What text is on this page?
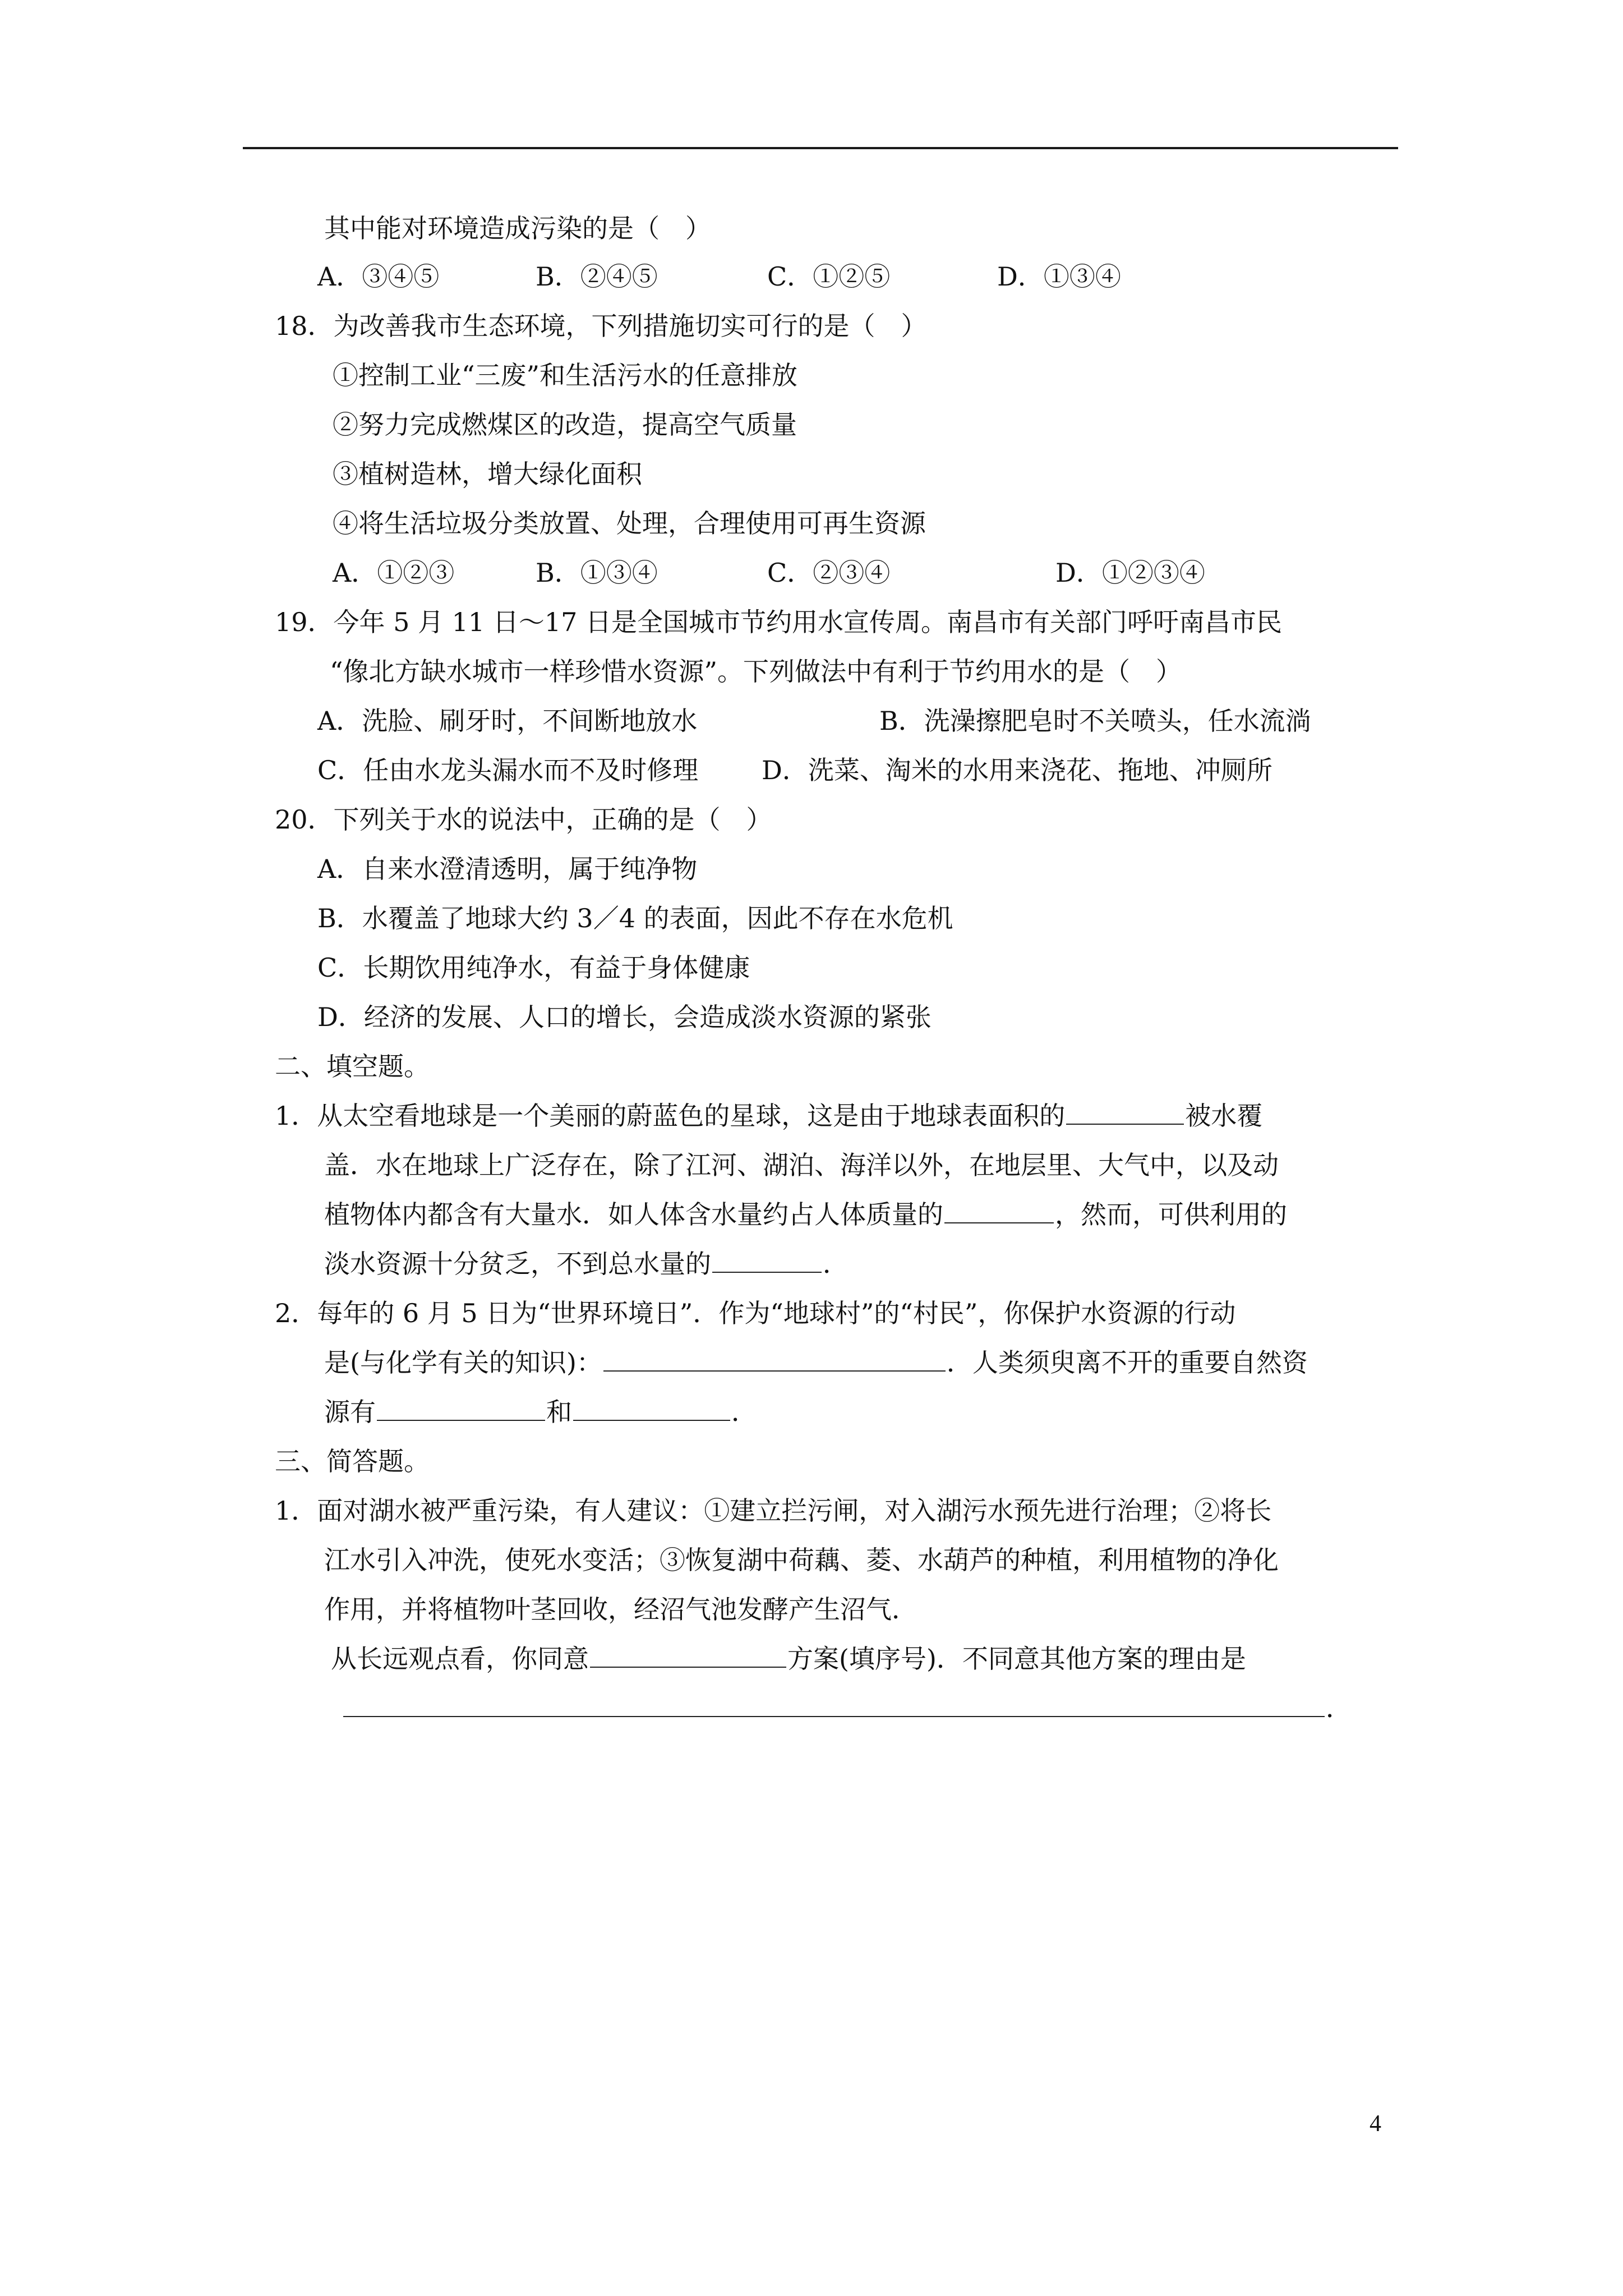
其中能对环境造成污染的是（　）
A．③④⑤	B．②④⑤	C．①②⑤	D．①③④
18．为改善我市生态环境，下列措施切实可行的是（　）
①控制工业“三废”和生活污水的任意排放
②努力完成燃煤区的改造，提高空气质量
③植树造林，增大绿化面积
④将生活垃圾分类放置、处理，合理使用可再生资源
A．①②③	B．①③④	C．②③④	D．①②③④
19．今年 5 月 11 日～17 日是全国城市节约用水宣传周。南昌市有关部门呼吁南昌市民
“像北方缺水城市一样珍惜水资源”。下列做法中有利于节约用水的是（　）
A．洗脸、刷牙时，不间断地放水	B．洗澡擦肥皂时不关喷头，任水流淌
C．任由水龙头漏水而不及时修理 D．洗菜、淘米的水用来浇花、拖地、冲厕所
20．下列关于水的说法中，正确的是（　）
A．自来水澄清透明，属于纯净物
B．水覆盖了地球大约 3／4 的表面，因此不存在水危机
C．长期饮用纯净水，有益于身体健康
D．经济的发展、人口的增长，会造成淡水资源的紧张
二、填空题。
1．从太空看地球是一个美丽的蔚蓝色的星球，这是由于地球表面积的	被水覆
盖．水在地球上广泛存在，除了江河、湖泊、海洋以外，在地层里、大气中，以及动
植物体内都含有大量水．如人体含水量约占人体质量的	，然而，可供利用的
淡水资源十分贫乏，不到总水量的	．
2．每年的 6 月 5 日为“世界环境日”．作为“地球村”的“村民”，你保护水资源的行动
是(与化学有关的知识)：	．人类须臾离不开的重要自然资
源有	和	．
三、简答题。
1．面对湖水被严重污染，有人建议：①建立拦污闸，对入湖污水预先进行治理；②将长
江水引入冲洗，使死水变活；③恢复湖中荷藕、菱、水葫芦的种植，利用植物的净化
作用，并将植物叶茎回收，经沼气池发酵产生沼气．
从长远观点看，你同意	方案(填序号)．不同意其他方案的理由是
．
4
